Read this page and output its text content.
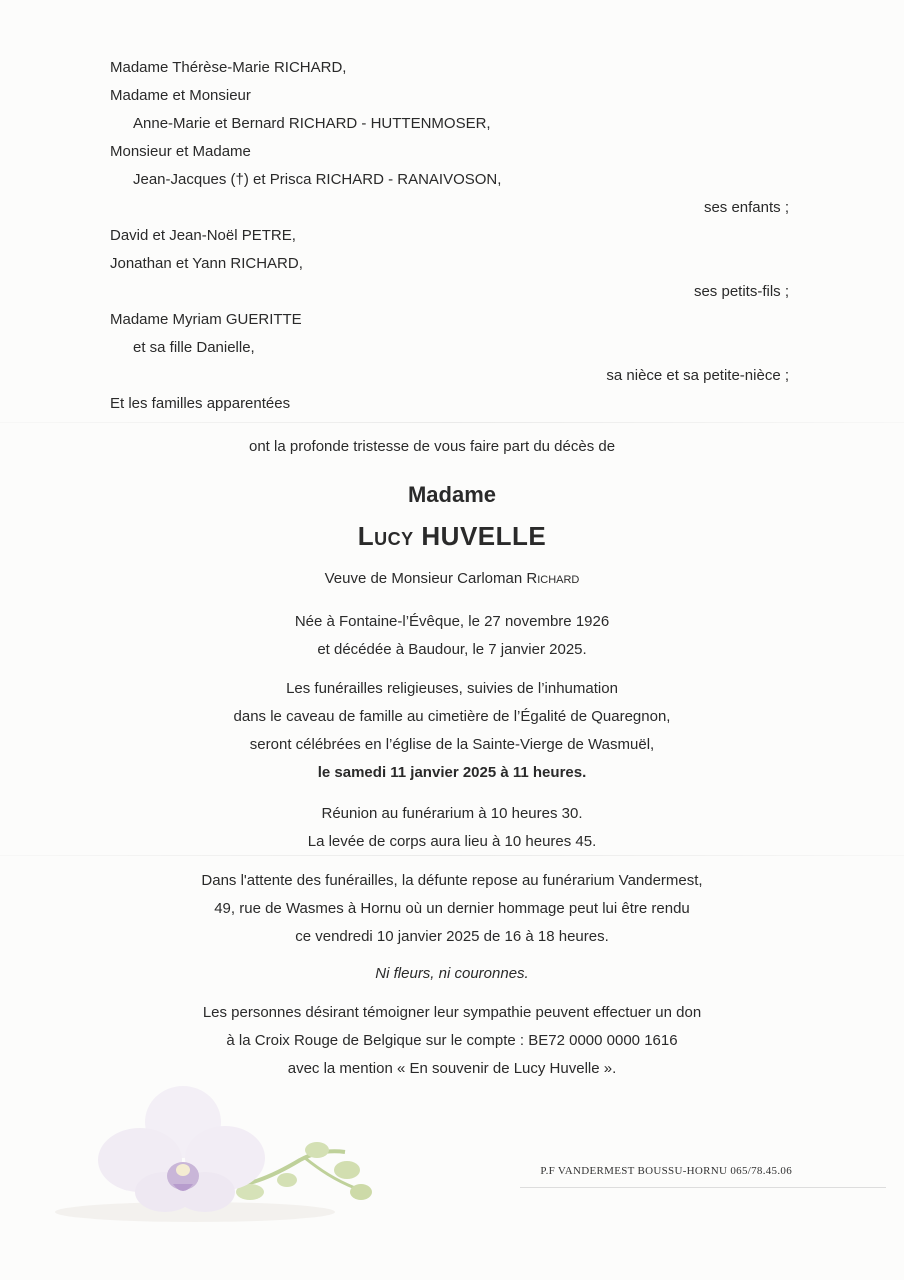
Madame Thérèse-Marie RICHARD,
Madame et Monsieur
Anne-Marie et Bernard RICHARD - HUTTENMOSER,
Monsieur et Madame
Jean-Jacques (†) et Prisca RICHARD - RANAIVOSON,
ses enfants ;
David et Jean-Noël PETRE,
Jonathan et Yann RICHARD,
ses petits-fils ;
Madame Myriam GUERITTE
et sa fille Danielle,
sa nièce et sa petite-nièce ;
Et les familles apparentées
ont la profonde tristesse de vous faire part du décès de
Madame
Lucy HUVELLE
Veuve de Monsieur Carloman Richard
Née à Fontaine-l’Évêque, le 27 novembre 1926
et décédée à Baudour, le 7 janvier 2025.
Les funérailles religieuses, suivies de l’inhumation
dans le caveau de famille au cimetière de l’Égalité de Quaregnon,
seront célébrées en l’église de la Sainte-Vierge de Wasmuël,
le samedi 11 janvier 2025 à 11 heures.
Réunion au funérarium à 10 heures 30.
La levée de corps aura lieu à 10 heures 45.
Dans l'attente des funérailles, la défunte repose au funérarium Vandermest,
49, rue de Wasmes à Hornu où un dernier hommage peut lui être rendu
ce vendredi 10 janvier 2025 de 16 à 18 heures.
Ni fleurs, ni couronnes.
Les personnes désirant témoigner leur sympathie peuvent effectuer un don
à la Croix Rouge de Belgique sur le compte : BE72 0000 0000 1616
avec la mention « En souvenir de Lucy Huvelle ».
P.F VANDERMEST BOUSSU-HORNU 065/78.45.06
